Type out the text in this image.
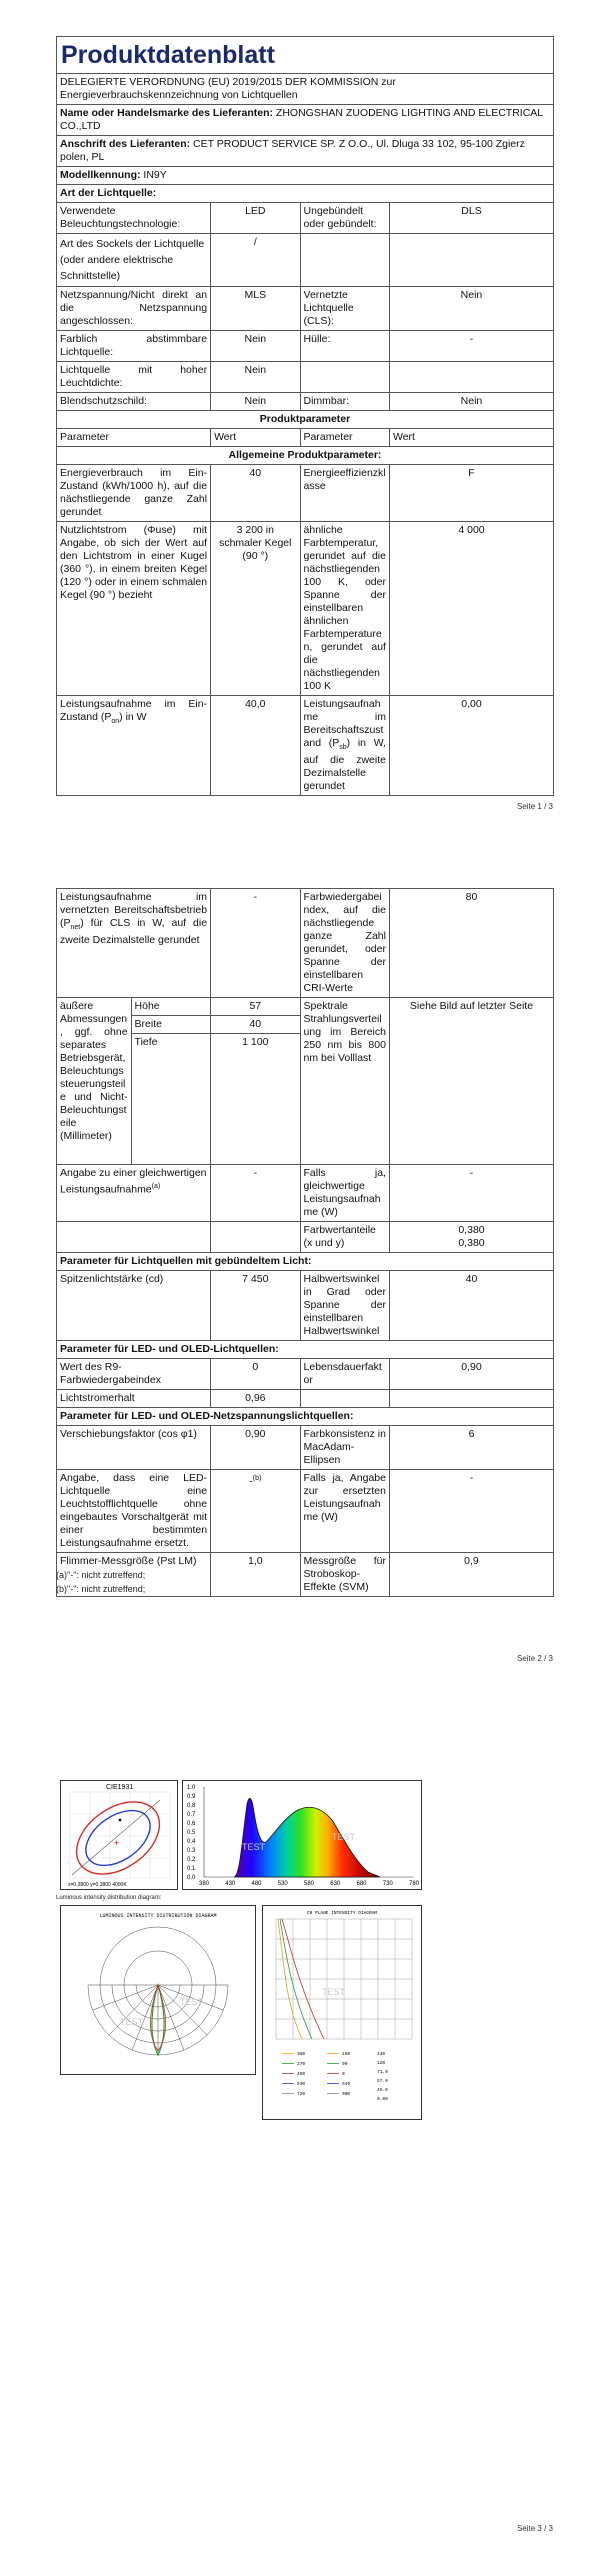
Produktdatenblatt			
DELEGIERTE VERORDNUNG (EU) 2019/2015 DER KOMMISSION zur Energieverbrauchskennzeichnung von Lichtquellen			
Name oder Handelsmarke des Lieferanten: ZHONGSHAN ZUODENG LIGHTING AND ELECTRICAL CO.,LTD			
Anschrift des Lieferanten: CET PRODUCT SERVICE SP. Z O.O., Ul. Dluga 33 102, 95-100 Zgierz polen, PL			
Modellkennung: IN9Y			
Art der Lichtquelle:			
Verwendete Beleuchtungstechnologie:	LED	Ungebündelt oder gebündelt:	DLS
Art des Sockels der Lichtquelle (oder andere elektrische Schnittstelle)	/		
Netzspannung/Nicht direkt an die Netzspannung angeschlossen:	MLS	Vernetzte Lichtquelle (CLS):	Nein
Farblich abstimmbare Lichtquelle:	Nein	Hülle:	-
Lichtquelle mit hoher Leuchtdichte:	Nein		
Blendschutzschild:	Nein	Dimmbar:	Nein
Produktparameter			
Parameter	Wert	Parameter	Wert
Allgemeine Produktparameter:			
Energieverbrauch im Ein-Zustand (kWh/1000 h), auf die nächstliegende ganze Zahl gerundet	40	Energieeffizienzklasse	F
Nutzlichtstrom (Φuse) mit Angabe, ob sich der Wert auf den Lichtstrom in einer Kugel (360 °), in einem breiten Kegel (120 °) oder in einem schmalen Kegel (90 °) bezieht	3 200 in schmaler Kegel (90 °)	ähnliche Farbtemperatur, gerundet auf die nächstliegenden 100 K, oder Spanne der einstellbaren ähnlichen Farbtemperaturen, gerundet auf die nächstliegenden 100 K	4 000
Leistungsaufnahme im Ein-Zustand $(P_{on})$ in W	40,0	Leistungsaufnahme im Bereitschaftszustand $(P_{sb})$ in W, auf die zweite Dezimalstelle gerundet	0,00
Seite 1 / 3
Leistungsaufnahme im vernetzten Bereitschaftsbetrieb $(P_{net})$ für CLS in W, auf die zweite Dezimalstelle gerundet		-	Farbwiedergabeindex, auf die nächstliegende ganze Zahl gerundet, oder Spanne der einstellbaren CRI-Werte	80
äußere Abmessungen, ggf. ohne separates Betriebsgerät, Beleuchtungssteuerungsteile und Nicht-Beleuchtungsteile (Millimeter)	Höhe	57	Spektrale Strahlungsverteilung im Bereich 250 nm bis 800 nm bei Volllast	Siehe Bild auf letzter Seite
	Breite	40		
	Tiefe	1 100		
Angabe zu einer gleichwertigen Leistungsaufnahme$^{(a)}$		-	Falls ja, gleichwertige Leistungsaufnahme (W)	-
			Farbwertanteile (x und y)	0,380
0,380

Parameter für Lichtquellen mit gebündeltem Licht:				
Spitzenlichtstärke (cd)		7 450	Halbwertswinkel in Grad oder Spanne der einstellbaren Halbwertswinkel	40
Parameter für LED- und OLED-Lichtquellen:				
Wert des R9-Farbwiedergabeindex		0	Lebensdauerfaktor	0,90
Lichtstromerhalt		0,96		
Parameter für LED- und OLED-Netzspannungslichtquellen:				
Verschiebungsfaktor (cos φ1)		0,90	Farbkonsistenz in MacAdam-Ellipsen	6
Angabe, dass eine LED-Lichtquelle eine Leuchtstofflichtquelle ohne eingebautes Vorschaltgerät mit einer bestimmten Leistungsaufnahme ersetzt.		-$^{(b)}$	Falls ja, Angabe zur ersetzten Leistungsaufnahme (W)	-
Flimmer-Messgröße (Pst LM)		1,0	Messgröße für Stroboskop-Effekte (SVM)	0,9
(a)"-": nicht zutreffend;
(b)"-": nicht zutreffend;
Seite 2 / 3
CIE1931
+
x=0.3800 y=0.3800 4000K
1.0
0.9
0.8
0.7
0.6
0.5
0.4
0.3
0.2
0.1
0.0
380	430	480	530	580	630	680	730	780
TEST
TEST
Luminous intensity distribution diagram:
LUMINOUS INTENSITY DISTRIBUTION DIAGRAM
TEST
TEST
C0 PLANE INTENSITY DIAGRAM
360	180
270	90
450	0
630	540
720	900
140
120
71.0
57.0
45.0
0.00
TEST
Seite 3 / 3
